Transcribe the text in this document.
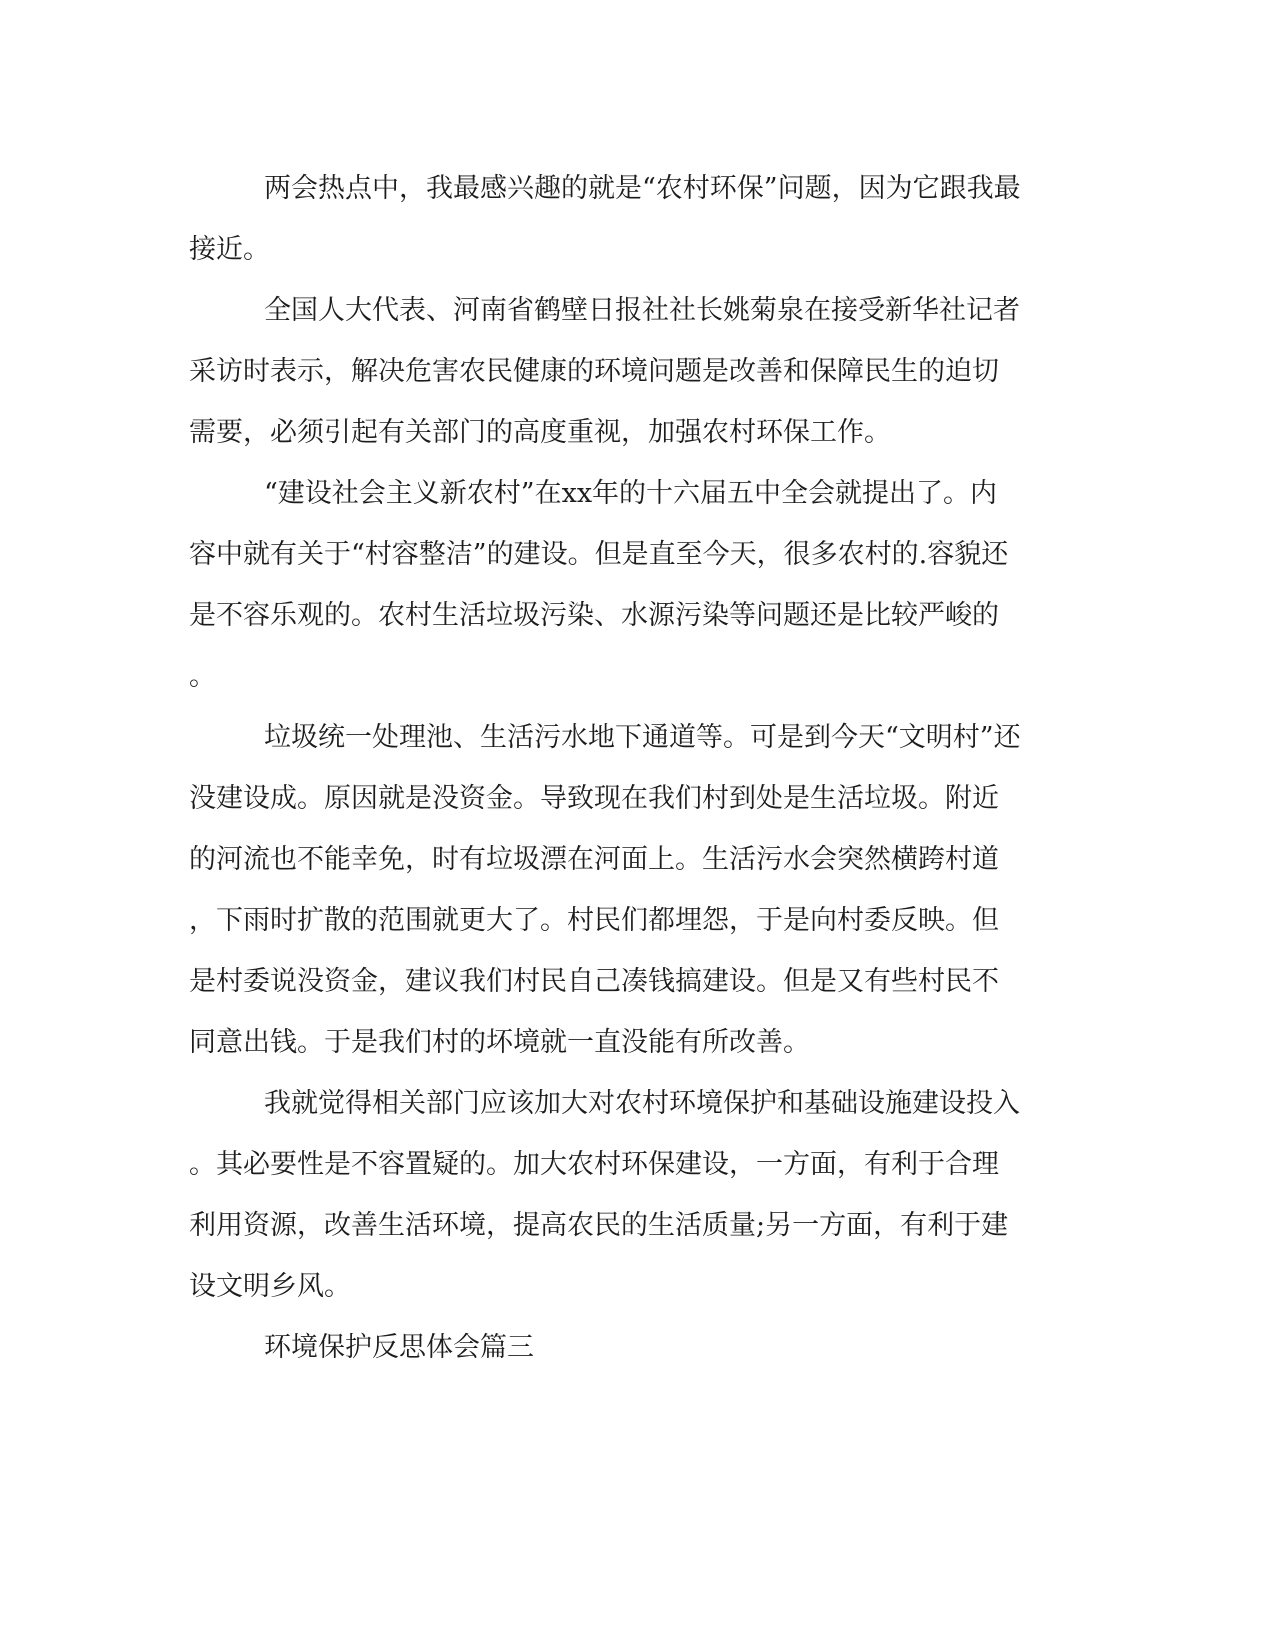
两会热点中，我最感兴趣的就是“农村环保”问题，因为它跟我最
接近。
全国人大代表、河南省鹤壁日报社社长姚菊泉在接受新华社记者
采访时表示，解决危害农民健康的环境问题是改善和保障民生的迫切
需要，必须引起有关部门的高度重视，加强农村环保工作。
“建设社会主义新农村”在xx年的十六届五中全会就提出了。内
容中就有关于“村容整洁”的建设。但是直至今天，很多农村的.容貌还
是不容乐观的。农村生活垃圾污染、水源污染等问题还是比较严峻的
。
垃圾统一处理池、生活污水地下通道等。可是到今天“文明村”还
没建设成。原因就是没资金。导致现在我们村到处是生活垃圾。附近
的河流也不能幸免，时有垃圾漂在河面上。生活污水会突然横跨村道
，下雨时扩散的范围就更大了。村民们都埋怨，于是向村委反映。但
是村委说没资金，建议我们村民自己凑钱搞建设。但是又有些村民不
同意出钱。于是我们村的坏境就一直没能有所改善。
我就觉得相关部门应该加大对农村环境保护和基础设施建设投入
。其必要性是不容置疑的。加大农村环保建设，一方面，有利于合理
利用资源，改善生活环境，提高农民的生活质量;另一方面，有利于建
设文明乡风。
环境保护反思体会篇三
